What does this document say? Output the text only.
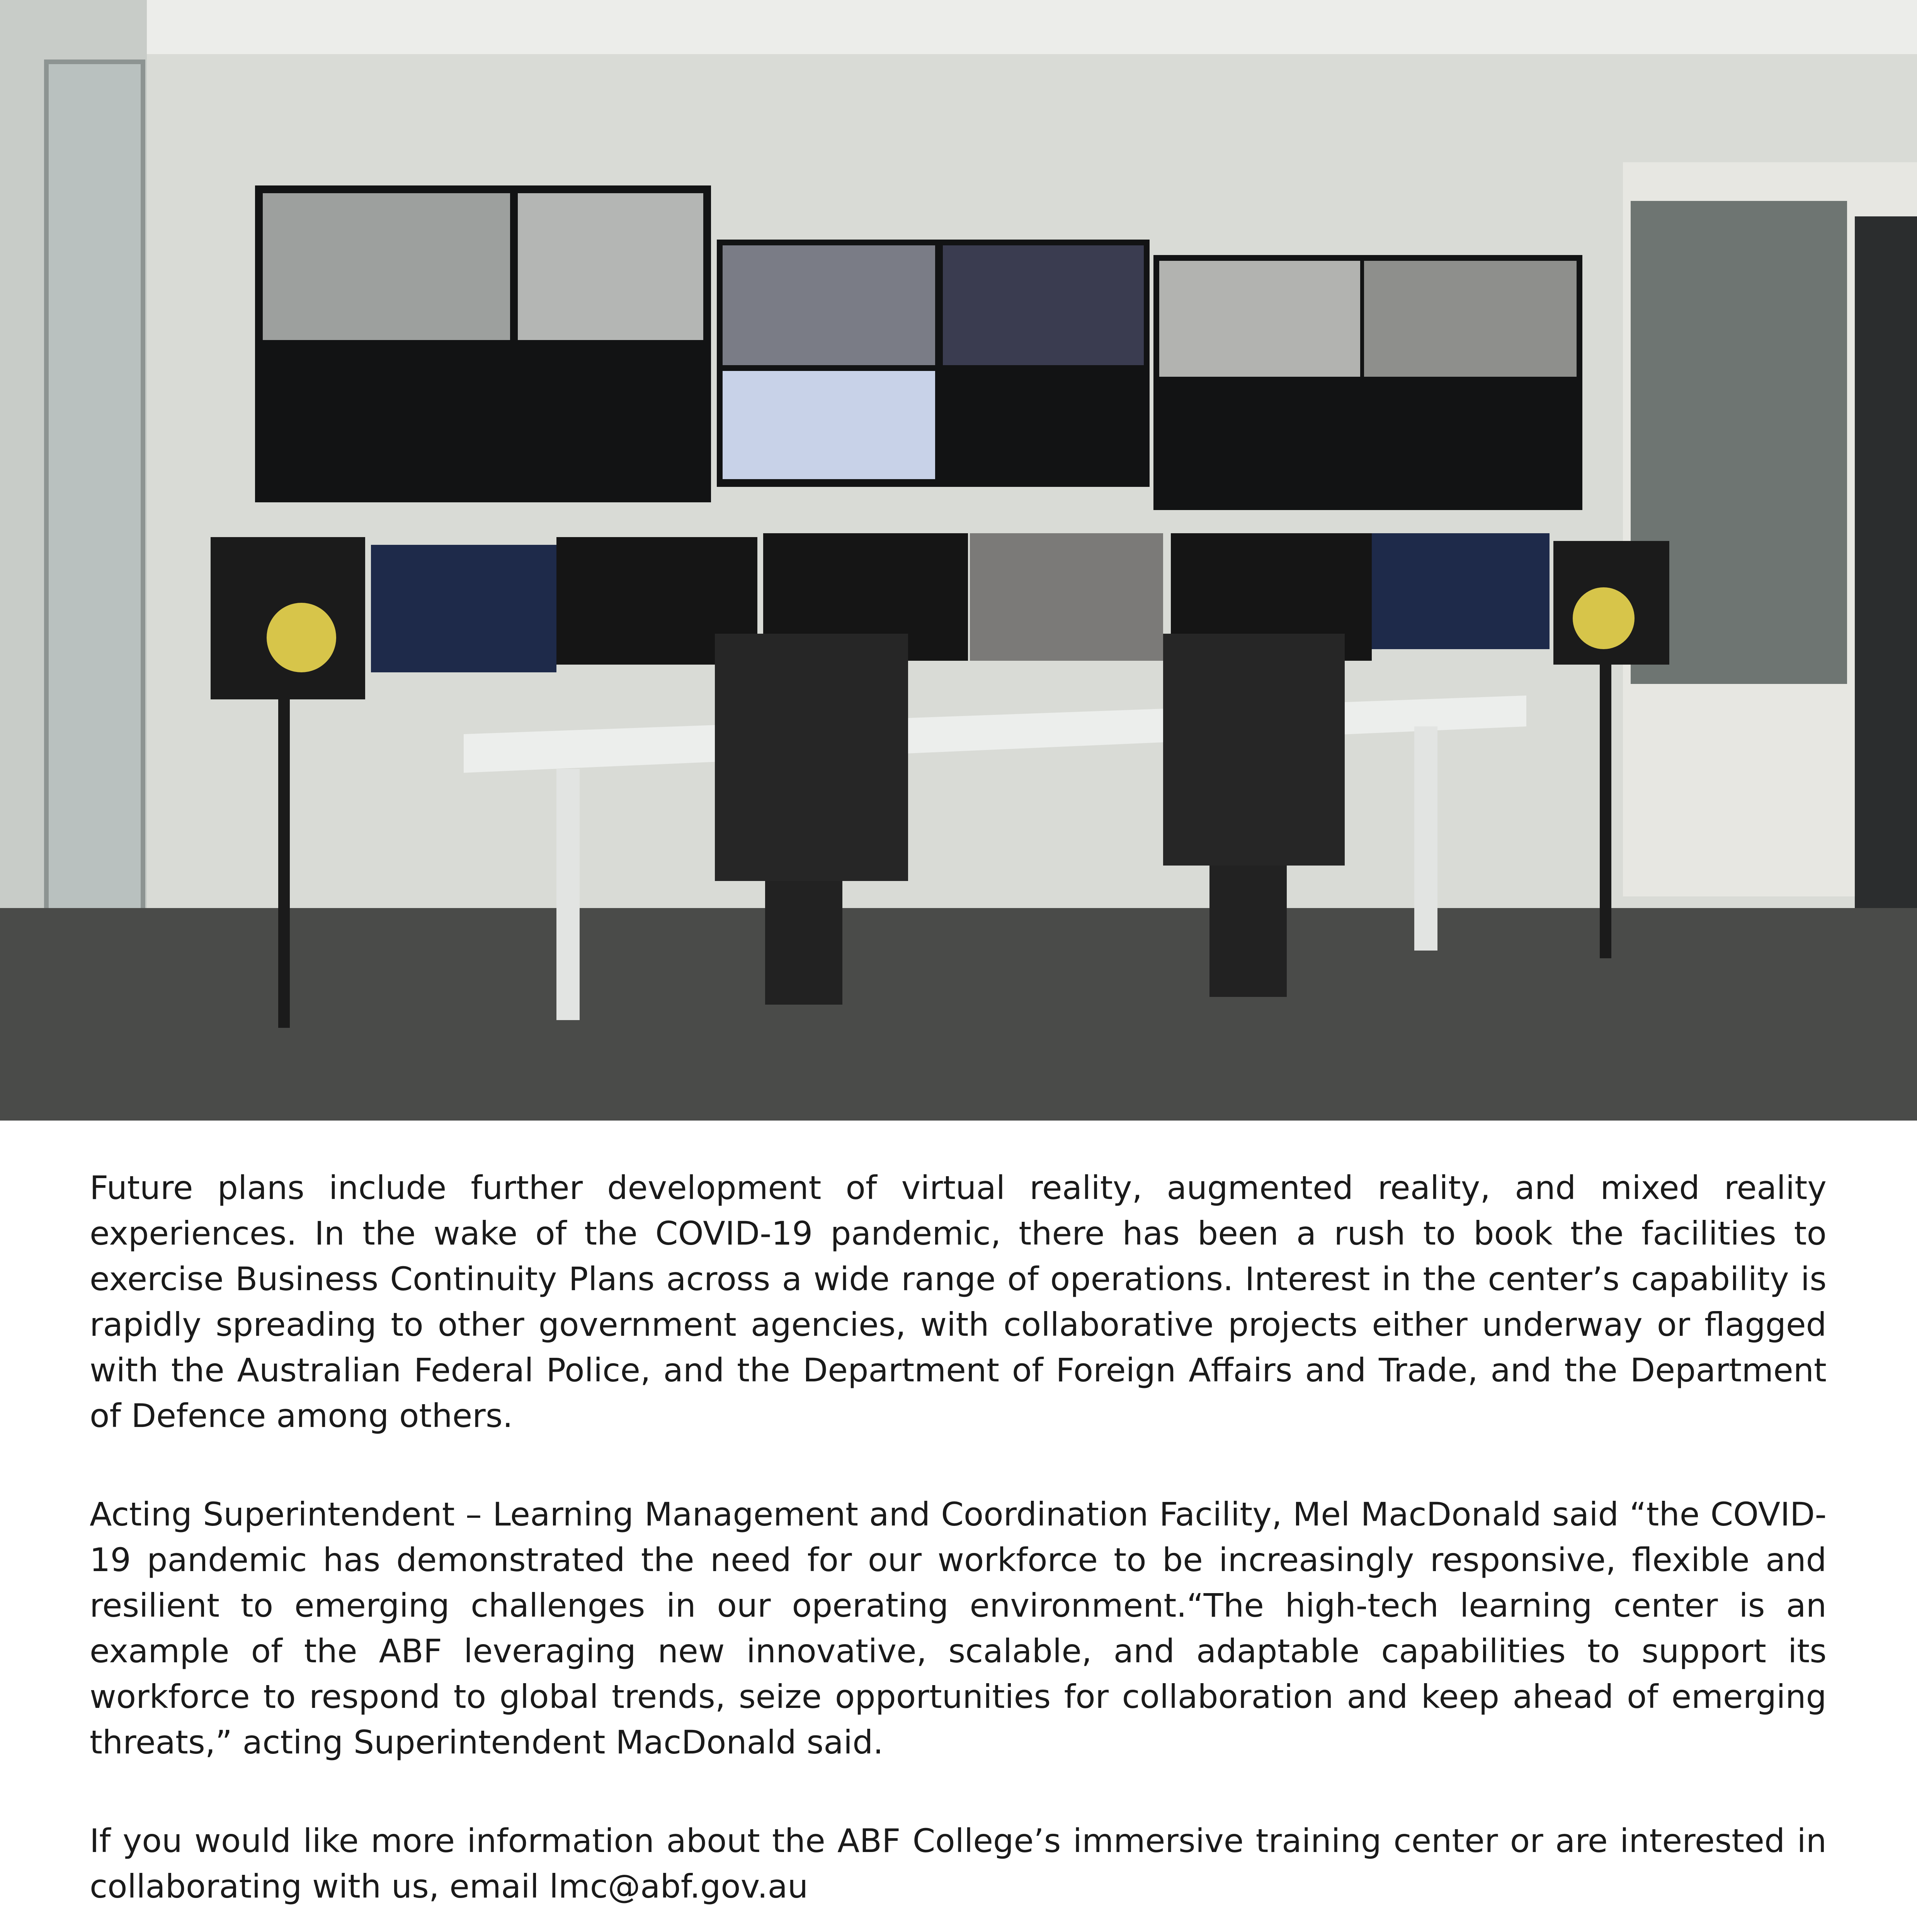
Future plans include further development of virtual reality, augmented reality, and mixed reality experiences. In the wake of the COVID-19 pandemic, there has been a rush to book the facilities to exercise Business Continuity Plans across a wide range of operations. Interest in the center’s capability is rapidly spreading to other government agencies, with collaborative projects either underway or flagged with the Australian Federal Police, and the Department of Foreign Affairs and Trade, and the Department of Defence among others.

Acting Superintendent – Learning Management and Coordination Facility, Mel MacDonald said “the COVID-19 pandemic has demonstrated the need for our workforce to be increasingly responsive, flexible and resilient to emerging challenges in our operating environment.“The high-tech learning center is an example of the ABF leveraging new innovative, scalable, and adaptable capabilities to support its workforce to respond to global trends, seize opportunities for collaboration and keep ahead of emerging threats,” acting Superintendent MacDonald said.

If you would like more information about the ABF College’s immersive training center or are interested in collaborating with us, email lmc@abf.gov.au
